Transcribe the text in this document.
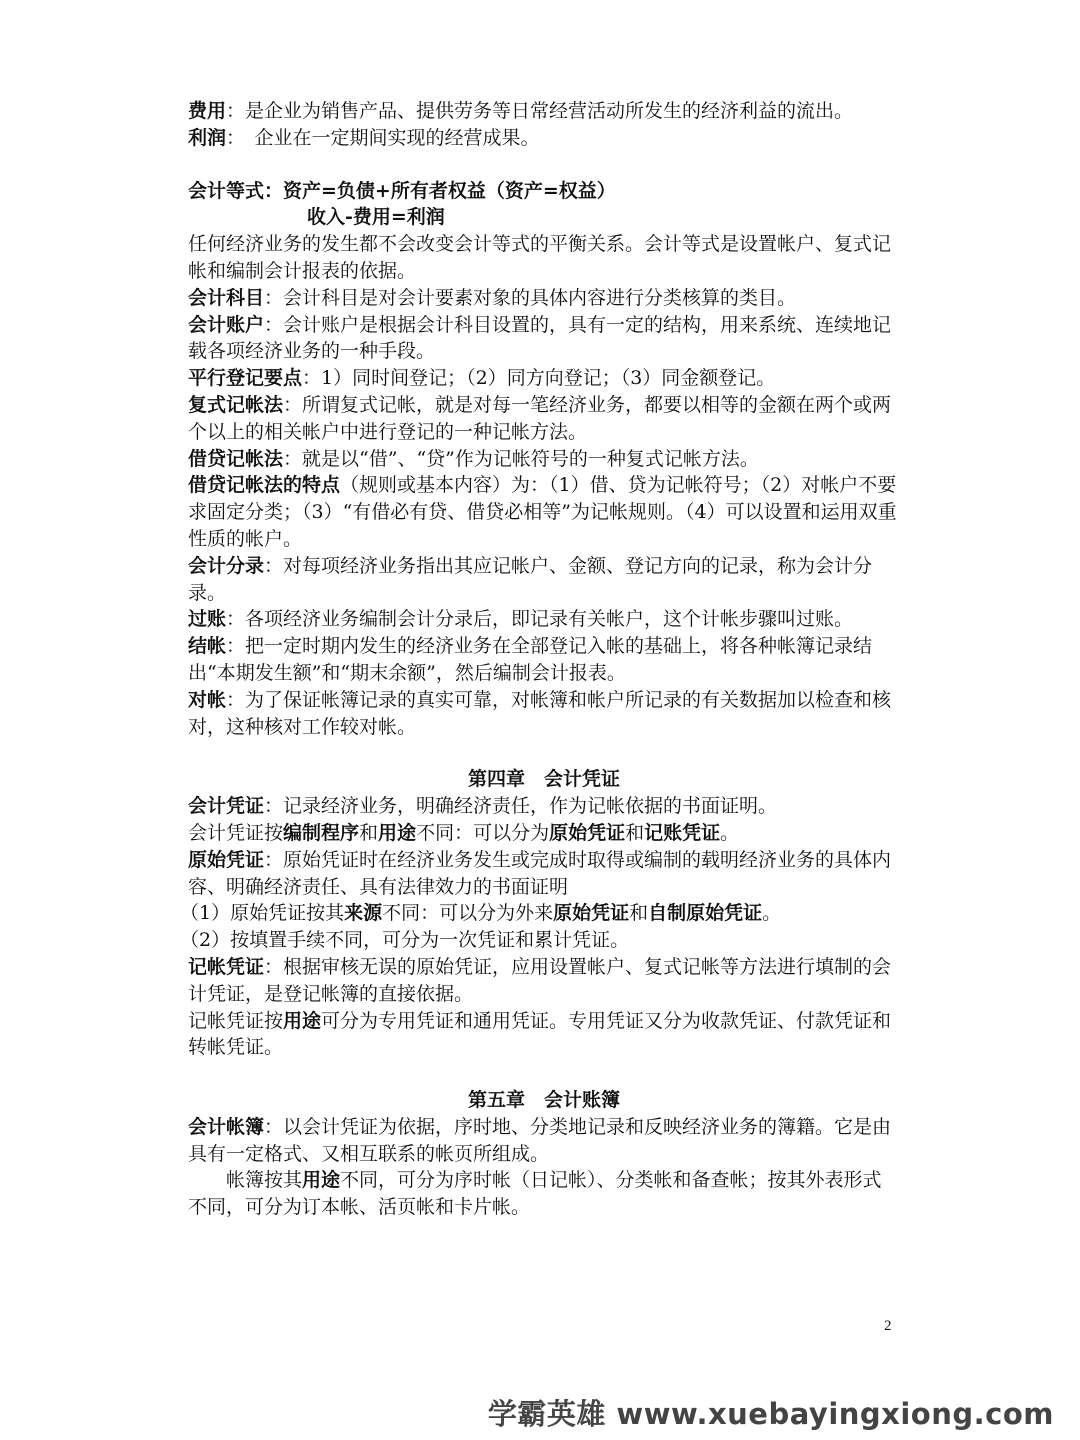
费用：是企业为销售产品、提供劳务等日常经营活动所发生的经济利益的流出。

利润：　企业在一定期间实现的经营成果。

会计等式：资产=负债+所有者权益（资产=权益）

收入-费用=利润

任何经济业务的发生都不会改变会计等式的平衡关系。会计等式是设置帐户、复式记帐和编制会计报表的依据。

会计科目：会计科目是对会计要素对象的具体内容进行分类核算的类目。

会计账户：会计账户是根据会计科目设置的，具有一定的结构，用来系统、连续地记载各项经济业务的一种手段。

平行登记要点：1）同时间登记；（2）同方向登记；（3）同金额登记。

复式记帐法：所谓复式记帐，就是对每一笔经济业务，都要以相等的金额在两个或两个以上的相关帐户中进行登记的一种记帐方法。

借贷记帐法：就是以“借”、“贷”作为记帐符号的一种复式记帐方法。

借贷记帐法的特点（规则或基本内容）为：（1）借、贷为记帐符号；（2）对帐户不要求固定分类；（3）“有借必有贷、借贷必相等”为记帐规则。（4）可以设置和运用双重性质的帐户。

会计分录：对每项经济业务指出其应记帐户、金额、登记方向的记录，称为会计分录。

过账：各项经济业务编制会计分录后，即记录有关帐户，这个计帐步骤叫过账。

结帐：把一定时期内发生的经济业务在全部登记入帐的基础上，将各种帐簿记录结出“本期发生额”和“期末余额”，然后编制会计报表。

对帐：为了保证帐簿记录的真实可靠，对帐簿和帐户所记录的有关数据加以检查和核对，这种核对工作较对帐。

第四章　会计凭证

会计凭证：记录经济业务，明确经济责任，作为记帐依据的书面证明。

会计凭证按编制程序和用途不同：可以分为原始凭证和记账凭证。

原始凭证：原始凭证时在经济业务发生或完成时取得或编制的载明经济业务的具体内容、明确经济责任、具有法律效力的书面证明

（1）原始凭证按其来源不同：可以分为外来原始凭证和自制原始凭证。

（2）按填置手续不同，可分为一次凭证和累计凭证。

记帐凭证：根据审核无误的原始凭证，应用设置帐户、复式记帐等方法进行填制的会计凭证，是登记帐簿的直接依据。

记帐凭证按用途可分为专用凭证和通用凭证。专用凭证又分为收款凭证、付款凭证和转帐凭证。

第五章　会计账簿

会计帐簿：以会计凭证为依据，序时地、分类地记录和反映经济业务的簿籍。它是由具有一定格式、又相互联系的帐页所组成。

帐簿按其用途不同，可分为序时帐（日记帐）、分类帐和备查帐；按其外表形式不同，可分为订本帐、活页帐和卡片帐。

2
学霸英雄 www.xuebayingxiong.com
